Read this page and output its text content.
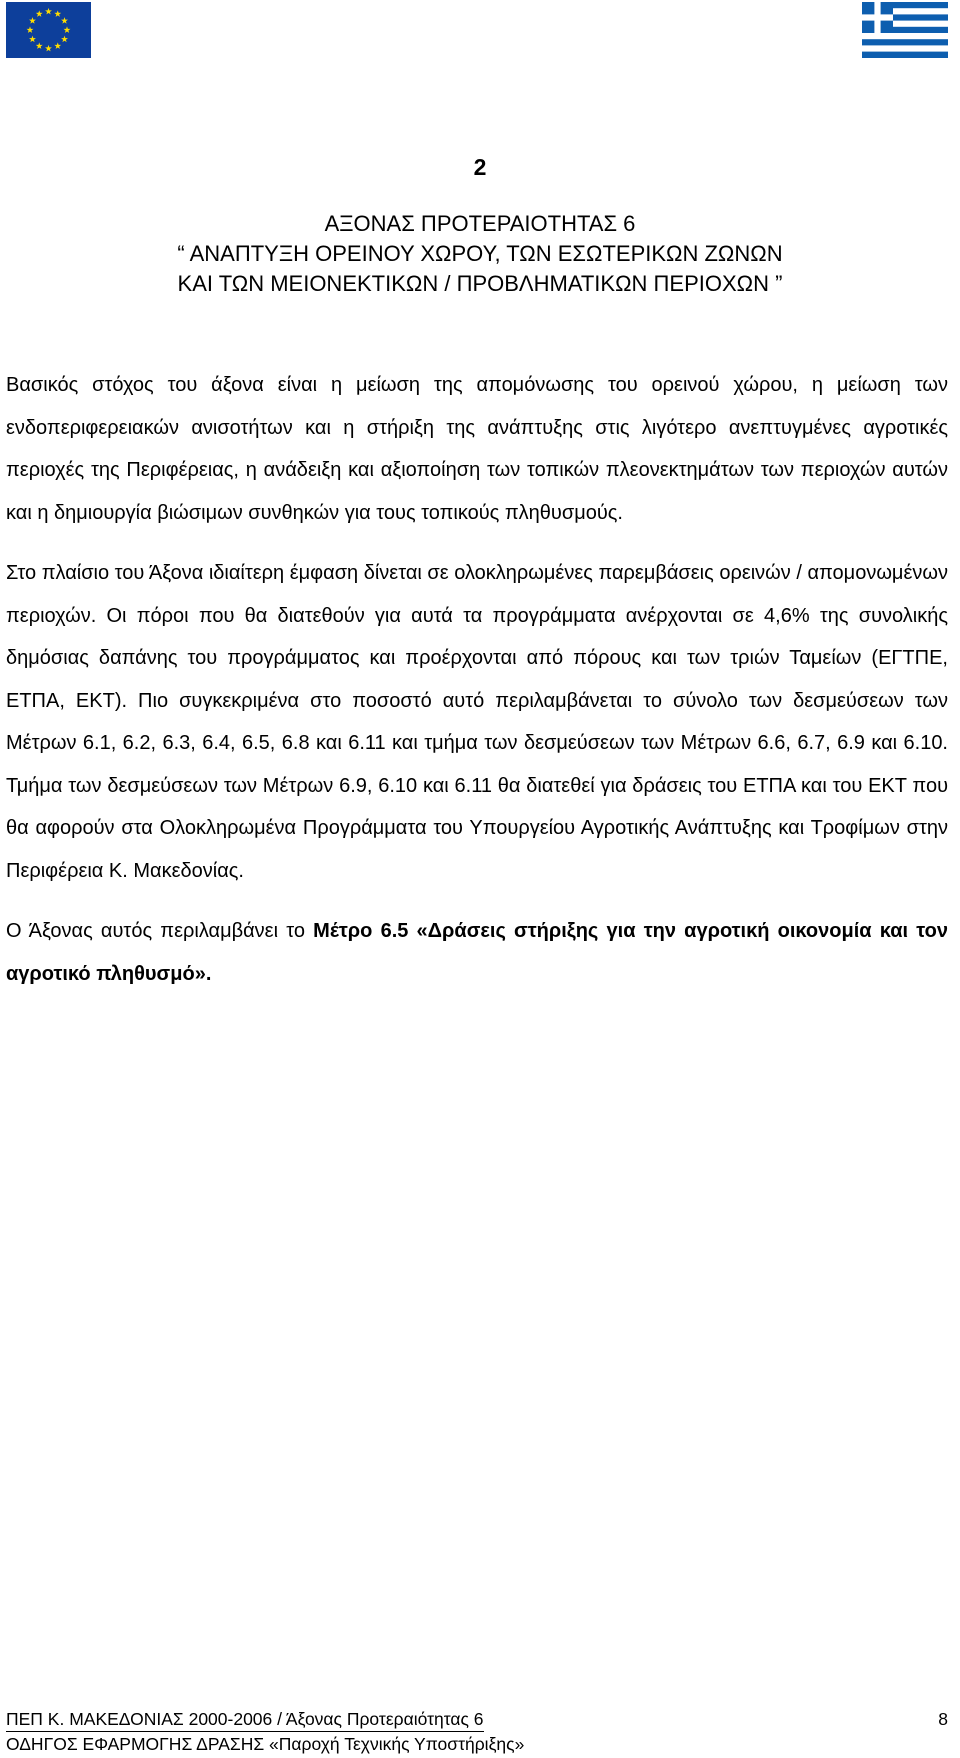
2
ΑΞΟΝΑΣ ΠΡΟΤΕΡΑΙΟΤΗΤΑΣ 6
“ ΑΝΑΠΤΥΞΗ ΟΡΕΙΝΟΥ ΧΩΡΟΥ, ΤΩΝ ΕΣΩΤΕΡΙΚΩΝ ΖΩΝΩΝ
ΚΑΙ ΤΩΝ ΜΕΙΟΝΕΚΤΙΚΩΝ / ΠΡΟΒΛΗΜΑΤΙΚΩΝ ΠΕΡΙΟΧΩΝ ”

Βασικός στόχος του άξονα είναι η μείωση της απομόνωσης του ορεινού χώρου, η μείωση των ενδοπεριφερειακών ανισοτήτων και η στήριξη της ανάπτυξης στις λιγότερο ανεπτυγμένες αγροτικές περιοχές της Περιφέρειας, η ανάδειξη και αξιοποίηση των τοπικών πλεονεκτημάτων των περιοχών αυτών και η δημιουργία βιώσιμων συνθηκών για τους τοπικούς πληθυσμούς.

Στο πλαίσιο του Άξονα ιδιαίτερη έμφαση δίνεται σε ολοκληρωμένες παρεμβάσεις ορεινών / απομονωμένων περιοχών. Οι πόροι που θα διατεθούν για αυτά τα προγράμματα ανέρχονται σε 4,6% της συνολικής δημόσιας δαπάνης του προγράμματος και προέρχονται από πόρους και των τριών Ταμείων (ΕΓΤΠΕ, ΕΤΠΑ, ΕΚΤ). Πιο συγκεκριμένα στο ποσοστό αυτό περιλαμβάνεται το σύνολο των δεσμεύσεων των Μέτρων 6.1, 6.2, 6.3, 6.4, 6.5, 6.8 και 6.11 και τμήμα των δεσμεύσεων των Μέτρων 6.6, 6.7, 6.9 και 6.10. Τμήμα των δεσμεύσεων των Μέτρων 6.9, 6.10 και 6.11 θα διατεθεί για δράσεις του ΕΤΠΑ και του ΕΚΤ που θα αφορούν στα Ολοκληρωμένα Προγράμματα του Υπουργείου Αγροτικής Ανάπτυξης και Τροφίμων στην Περιφέρεια Κ. Μακεδονίας.

Ο Άξονας αυτός περιλαμβάνει το Μέτρο 6.5 «Δράσεις στήριξης για την αγροτική οικονομία και τον αγροτικό πληθυσμό».

ΠΕΠ Κ. ΜΑΚΕΔΟΝΙΑΣ 2000-2006 / Άξονας Προτεραιότητας 6	8
ΟΔΗΓΟΣ ΕΦΑΡΜΟΓΗΣ ΔΡΑΣΗΣ «Παροχή Τεχνικής Υποστήριξης»
